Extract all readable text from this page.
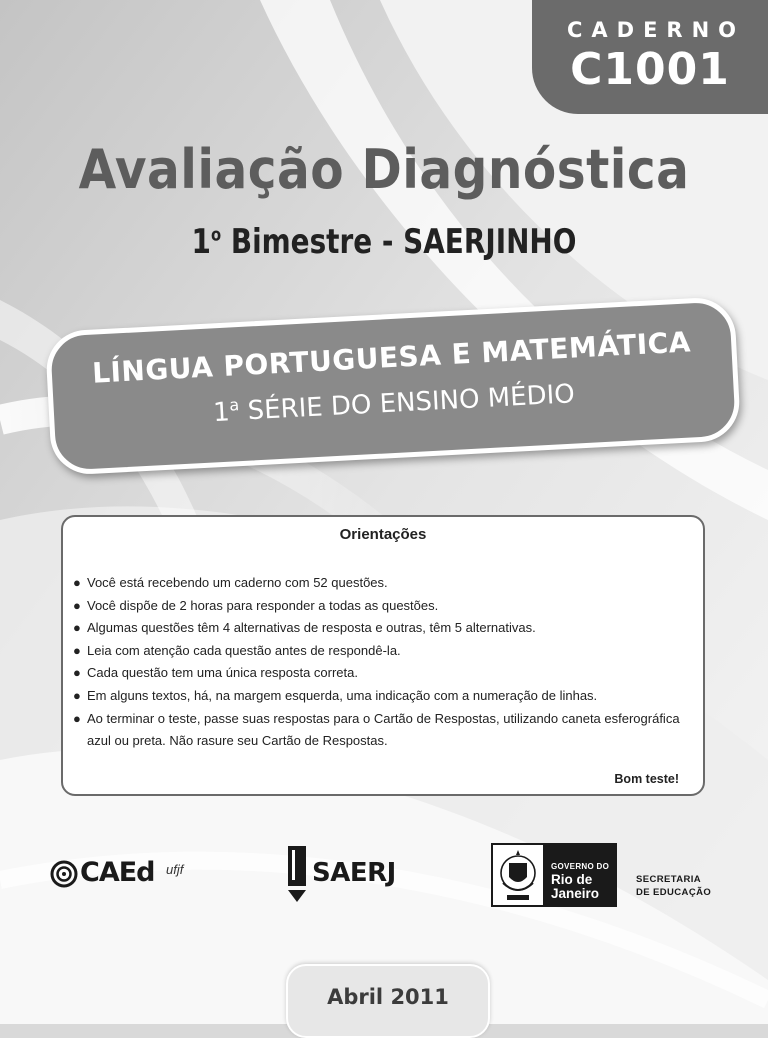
CADERNO
C1001
Avaliação Diagnóstica
1$^o$ Bimestre - SAERJINHO
LÍNGUA PORTUGUESA E MATEMÁTICA
1$^a$ SÉRIE DO ENSINO MÉDIO
Orientações
● Você está recebendo um caderno com 52 questões.
● Você dispõe de 2 horas para responder a todas as questões.
● Algumas questões têm 4 alternativas de resposta e outras, têm 5 alternativas.
● Leia com atenção cada questão antes de respondê-la.
● Cada questão tem uma única resposta correta.
● Em alguns textos, há, na margem esquerda, uma indicação com a numeração de linhas.
● Ao terminar o teste, passe suas respostas para o Cartão de Respostas, utilizando caneta esferográfica azul ou preta. Não rasure seu Cartão de Respostas.
Bom teste!
CAEd ufjf	SAERJ	GOVERNO DO
Rio de
Janeiro
SECRETARIA
DE EDUCAÇÃO
Abril 2011
